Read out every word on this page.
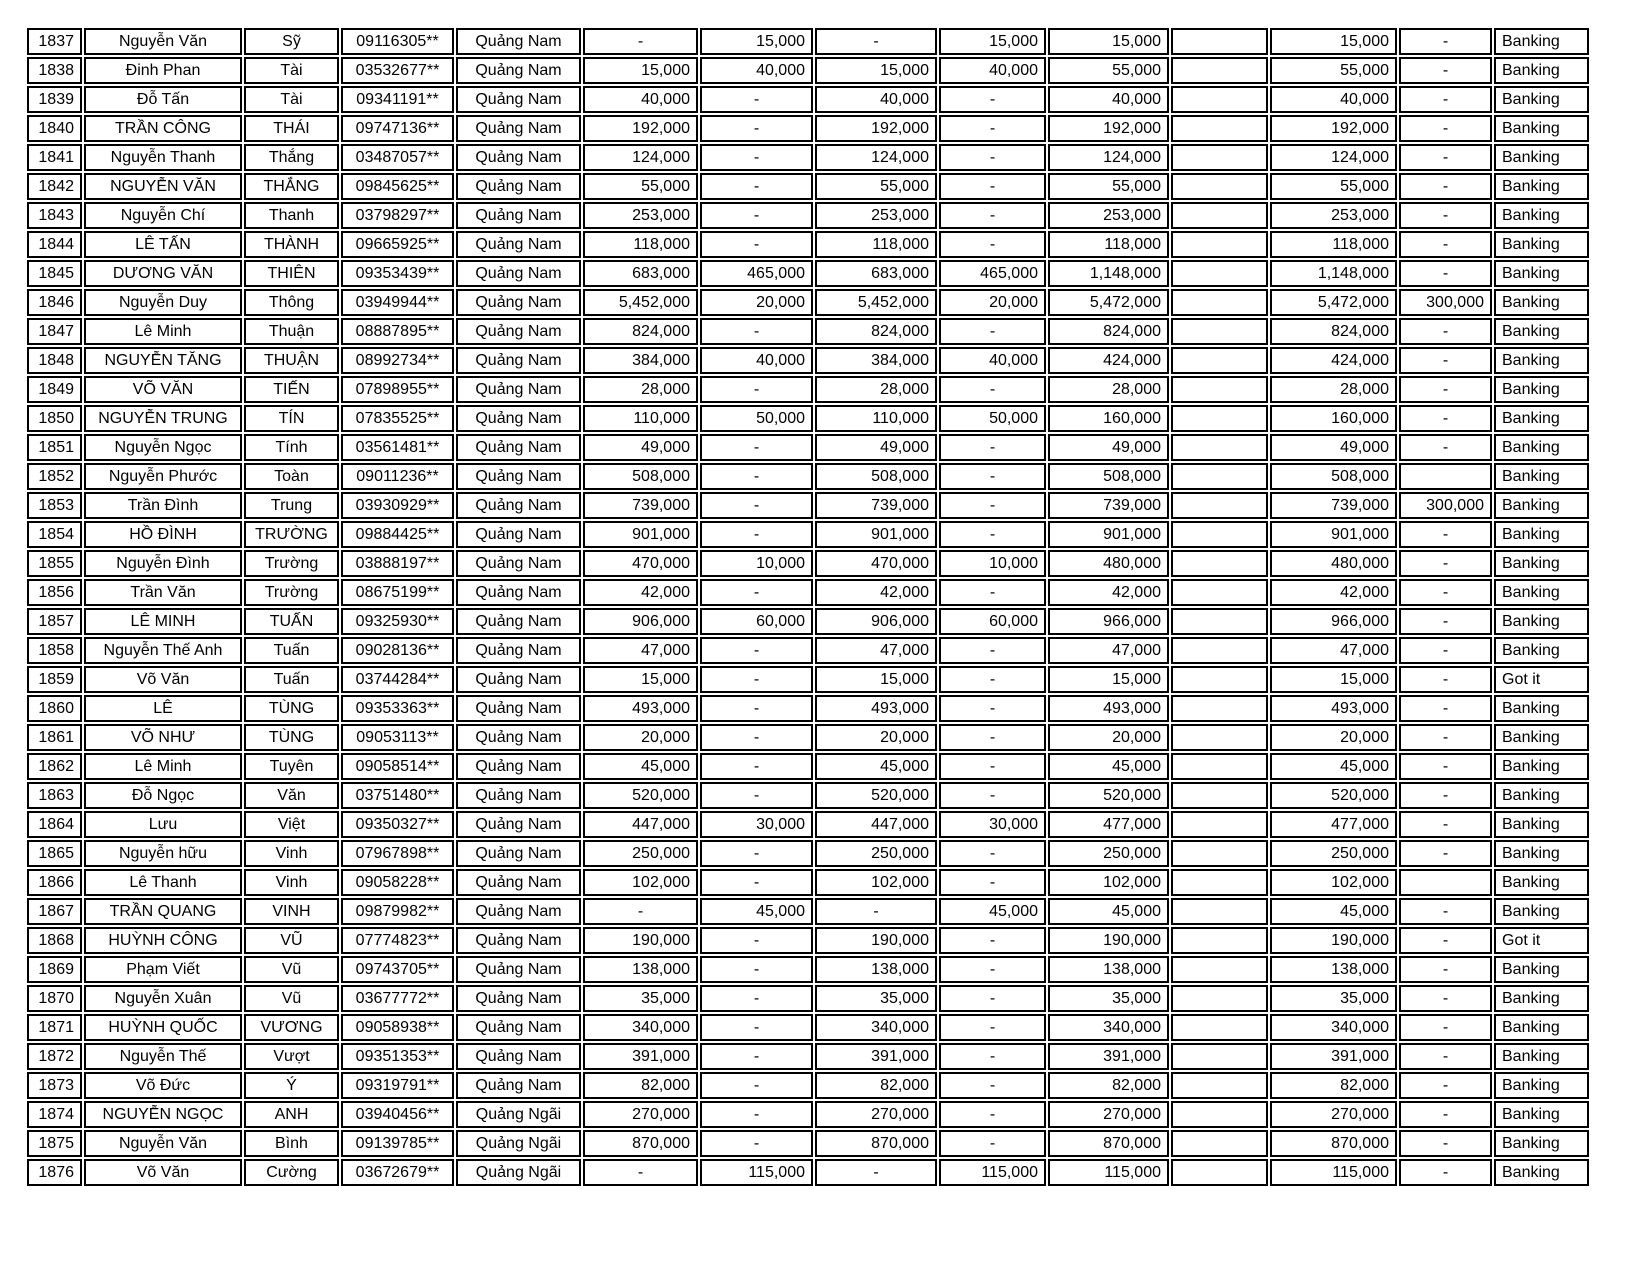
1837	Nguyễn Văn	Sỹ	09116305**	Quảng Nam	-	15,000	-	15,000	15,000		15,000	-	Banking
1838	Đinh Phan	Tài	03532677**	Quảng Nam	15,000	40,000	15,000	40,000	55,000		55,000	-	Banking
1839	Đỗ Tấn	Tài	09341191**	Quảng Nam	40,000	-	40,000	-	40,000		40,000	-	Banking
1840	TRẦN CÔNG	THÁI	09747136**	Quảng Nam	192,000	-	192,000	-	192,000		192,000	-	Banking
1841	Nguyễn Thanh	Thắng	03487057**	Quảng Nam	124,000	-	124,000	-	124,000		124,000	-	Banking
1842	NGUYỄN VĂN	THẮNG	09845625**	Quảng Nam	55,000	-	55,000	-	55,000		55,000	-	Banking
1843	Nguyễn Chí	Thanh	03798297**	Quảng Nam	253,000	-	253,000	-	253,000		253,000	-	Banking
1844	LÊ TẤN	THÀNH	09665925**	Quảng Nam	118,000	-	118,000	-	118,000		118,000	-	Banking
1845	DƯƠNG VĂN	THIÊN	09353439**	Quảng Nam	683,000	465,000	683,000	465,000	1,148,000		1,148,000	-	Banking
1846	Nguyễn Duy	Thông	03949944**	Quảng Nam	5,452,000	20,000	5,452,000	20,000	5,472,000		5,472,000	300,000	Banking
1847	Lê Minh	Thuận	08887895**	Quảng Nam	824,000	-	824,000	-	824,000		824,000	-	Banking
1848	NGUYỄN TĂNG	THUẬN	08992734**	Quảng Nam	384,000	40,000	384,000	40,000	424,000		424,000	-	Banking
1849	VÕ VĂN	TIẾN	07898955**	Quảng Nam	28,000	-	28,000	-	28,000		28,000	-	Banking
1850	NGUYỄN TRUNG	TÍN	07835525**	Quảng Nam	110,000	50,000	110,000	50,000	160,000		160,000	-	Banking
1851	Nguyễn Ngọc	Tính	03561481**	Quảng Nam	49,000	-	49,000	-	49,000		49,000	-	Banking
1852	Nguyễn Phước	Toàn	09011236**	Quảng Nam	508,000	-	508,000	-	508,000		508,000		Banking
1853	Trần Đình	Trung	03930929**	Quảng Nam	739,000	-	739,000	-	739,000		739,000	300,000	Banking
1854	HỒ ĐÌNH	TRƯỜNG	09884425**	Quảng Nam	901,000	-	901,000	-	901,000		901,000	-	Banking
1855	Nguyễn Đình	Trường	03888197**	Quảng Nam	470,000	10,000	470,000	10,000	480,000		480,000	-	Banking
1856	Trần Văn	Trường	08675199**	Quảng Nam	42,000	-	42,000	-	42,000		42,000	-	Banking
1857	LÊ MINH	TUẤN	09325930**	Quảng Nam	906,000	60,000	906,000	60,000	966,000		966,000	-	Banking
1858	Nguyễn Thế Anh	Tuấn	09028136**	Quảng Nam	47,000	-	47,000	-	47,000		47,000	-	Banking
1859	Võ Văn	Tuấn	03744284**	Quảng Nam	15,000	-	15,000	-	15,000		15,000	-	Got it
1860	LÊ	TÙNG	09353363**	Quảng Nam	493,000	-	493,000	-	493,000		493,000	-	Banking
1861	VÕ NHƯ	TÙNG	09053113**	Quảng Nam	20,000	-	20,000	-	20,000		20,000	-	Banking
1862	Lê Minh	Tuyên	09058514**	Quảng Nam	45,000	-	45,000	-	45,000		45,000	-	Banking
1863	Đỗ Ngọc	Văn	03751480**	Quảng Nam	520,000	-	520,000	-	520,000		520,000	-	Banking
1864	Lưu	Việt	09350327**	Quảng Nam	447,000	30,000	447,000	30,000	477,000		477,000	-	Banking
1865	Nguyễn hữu	Vinh	07967898**	Quảng Nam	250,000	-	250,000	-	250,000		250,000	-	Banking
1866	Lê Thanh	Vinh	09058228**	Quảng Nam	102,000	-	102,000	-	102,000		102,000		Banking
1867	TRẦN QUANG	VINH	09879982**	Quảng Nam	-	45,000	-	45,000	45,000		45,000	-	Banking
1868	HUỲNH CÔNG	VŨ	07774823**	Quảng Nam	190,000	-	190,000	-	190,000		190,000	-	Got it
1869	Phạm Viết	Vũ	09743705**	Quảng Nam	138,000	-	138,000	-	138,000		138,000	-	Banking
1870	Nguyễn Xuân	Vũ	03677772**	Quảng Nam	35,000	-	35,000	-	35,000		35,000	-	Banking
1871	HUỲNH QUỐC	VƯƠNG	09058938**	Quảng Nam	340,000	-	340,000	-	340,000		340,000	-	Banking
1872	Nguyễn Thế	Vượt	09351353**	Quảng Nam	391,000	-	391,000	-	391,000		391,000	-	Banking
1873	Võ Đức	Ý	09319791**	Quảng Nam	82,000	-	82,000	-	82,000		82,000	-	Banking
1874	NGUYỄN NGỌC	ANH	03940456**	Quảng Ngãi	270,000	-	270,000	-	270,000		270,000	-	Banking
1875	Nguyễn Văn	Bình	09139785**	Quảng Ngãi	870,000	-	870,000	-	870,000		870,000	-	Banking
1876	Võ Văn	Cường	03672679**	Quảng Ngãi	-	115,000	-	115,000	115,000		115,000	-	Banking
